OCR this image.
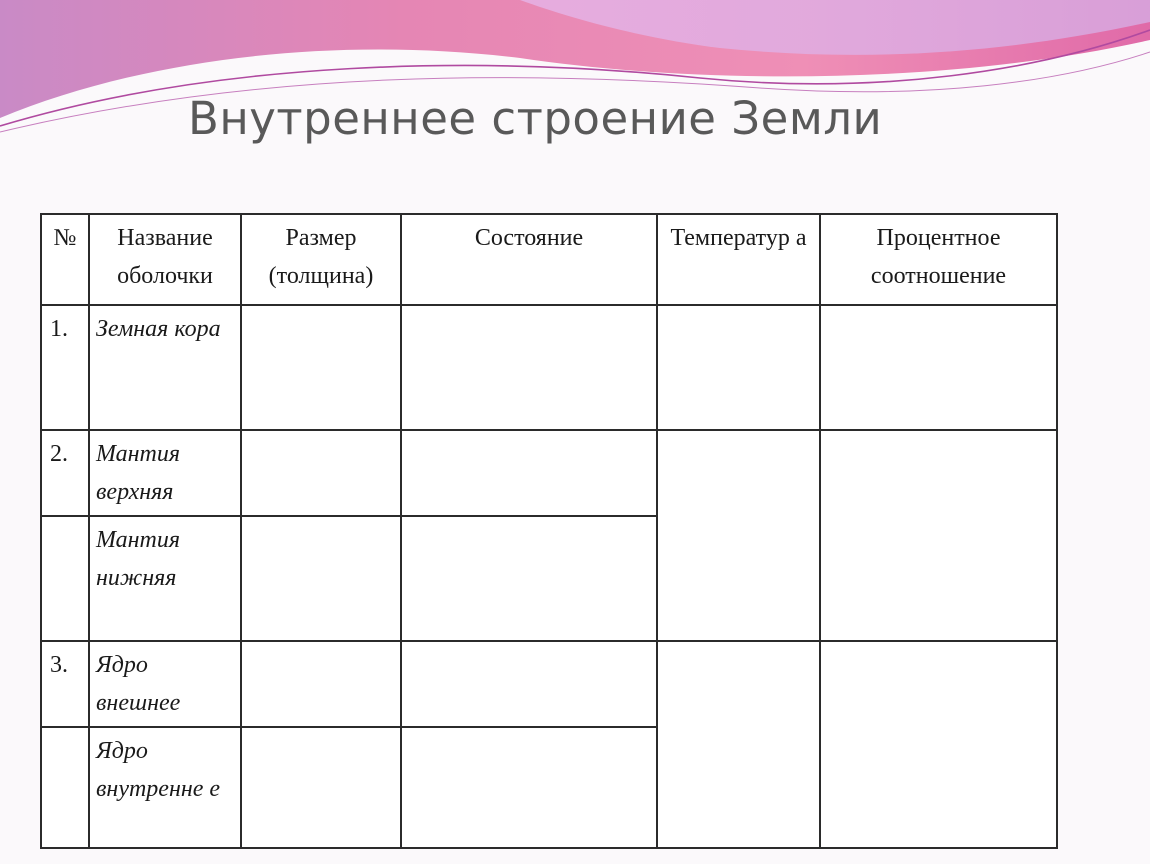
Внутреннее строение Земли
№	Название оболочки	Размер (толщина)	Состояние	Температур а	Процентное соотношение
1.	Земная кора				
2.	Мантия верхняя				
	Мантия нижняя				
3.	Ядро внешнее				
	Ядро внутренне е				
